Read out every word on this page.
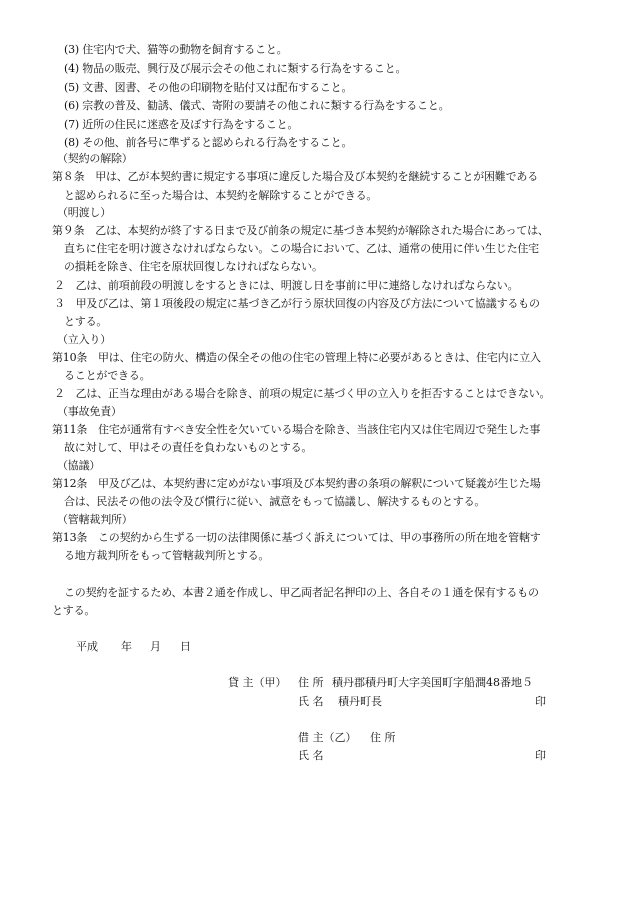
(3) 住宅内で犬、猫等の動物を飼育すること。
(4) 物品の販売、興行及び展示会その他これに類する行為をすること。
(5) 文書、図書、その他の印刷物を貼付又は配布すること。
(6) 宗教の普及、勧誘、儀式、寄附の要請その他これに類する行為をすること。
(7) 近所の住民に迷惑を及ぼす行為をすること。
(8) その他、前各号に準ずると認められる行為をすること。
（契約の解除）
第８条　甲は、乙が本契約書に規定する事項に違反した場合及び本契約を継続することが困難である
と認められるに至った場合は、本契約を解除することができる。
（明渡し）
第９条　乙は、本契約が終了する日まで及び前条の規定に基づき本契約が解除された場合にあっては、
直ちに住宅を明け渡さなければならない。この場合において、乙は、通常の使用に伴い生じた住宅
の損耗を除き、住宅を原状回復しなければならない。
２　乙は、前項前段の明渡しをするときには、明渡し日を事前に甲に連絡しなければならない。
３　甲及び乙は、第１項後段の規定に基づき乙が行う原状回復の内容及び方法について協議するもの
とする。
（立入り）
第10条　甲は、住宅の防火、構造の保全その他の住宅の管理上特に必要があるときは、住宅内に立入
ることができる。
２　乙は、正当な理由がある場合を除き、前項の規定に基づく甲の立入りを拒否することはできない。
（事故免責）
第11条　住宅が通常有すべき安全性を欠いている場合を除き、当該住宅内又は住宅周辺で発生した事
故に対して、甲はその責任を負わないものとする。
（協議）
第12条　甲及び乙は、本契約書に定めがない事項及び本契約書の条項の解釈について疑義が生じた場
合は、民法その他の法令及び慣行に従い、誠意をもって協議し、解決するものとする。
（管轄裁判所）
第13条　この契約から生ずる一切の法律関係に基づく訴えについては、甲の事務所の所在地を管轄す
る地方裁判所をもって管轄裁判所とする。
この契約を証するため、本書２通を作成し、甲乙両者記名押印の上、各自その１通を保有するもの
とする。
平成 年 月 日
貸 主（甲） 住 所 積丹郡積丹町大字美国町字船澗48番地５
氏 名 積丹町長	印
借 主（乙） 住 所
氏 名	印
